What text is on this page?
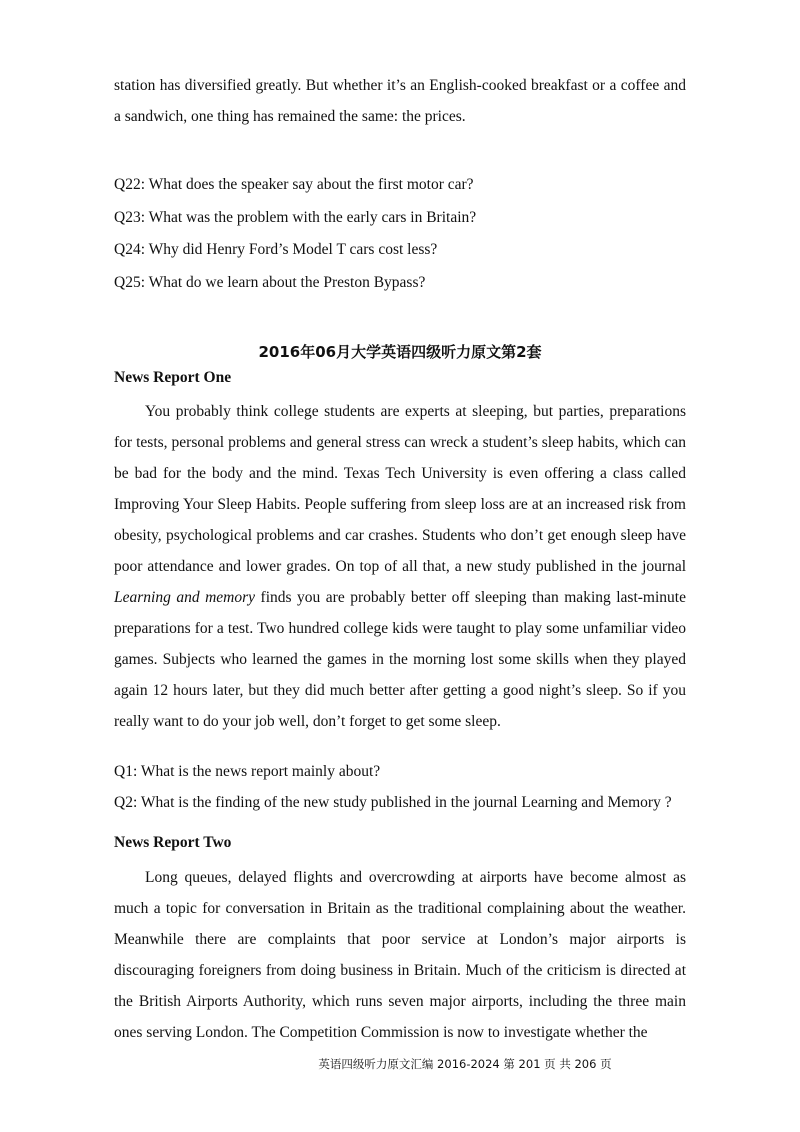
station has diversified greatly. But whether it’s an English-cooked breakfast or a coffee and a sandwich, one thing has remained the same: the prices.

Q22: What does the speaker say about the first motor car?
Q23: What was the problem with the early cars in Britain?
Q24: Why did Henry Ford’s Model T cars cost less?
Q25: What do we learn about the Preston Bypass?
2016年06月大学英语四级听力原文第2套
News Report One

You probably think college students are experts at sleeping, but parties, preparations for tests, personal problems and general stress can wreck a student’s sleep habits, which can be bad for the body and the mind. Texas Tech University is even offering a class called Improving Your Sleep Habits. People suffering from sleep loss are at an increased risk from obesity, psychological problems and car crashes. Students who don’t get enough sleep have poor attendance and lower grades. On top of all that, a new study published in the journal Learning and memory finds you are probably better off sleeping than making last-minute preparations for a test. Two hundred college kids were taught to play some unfamiliar video games. Subjects who learned the games in the morning lost some skills when they played again 12 hours later, but they did much better after getting a good night’s sleep. So if you really want to do your job well, don’t forget to get some sleep.

Q1: What is the news report mainly about?
Q2: What is the finding of the new study published in the journal Learning and Memory ?
News Report Two

Long queues, delayed flights and overcrowding at airports have become almost as much a topic for conversation in Britain as the traditional complaining about the weather. Meanwhile there are complaints that poor service at London’s major airports is discouraging foreigners from doing business in Britain. Much of the criticism is directed at the British Airports Authority, which runs seven major airports, including the three main ones serving London. The Competition Commission is now to investigate whether the

英语四级听力原文汇编 2016-2024 第 201 页 共 206 页
